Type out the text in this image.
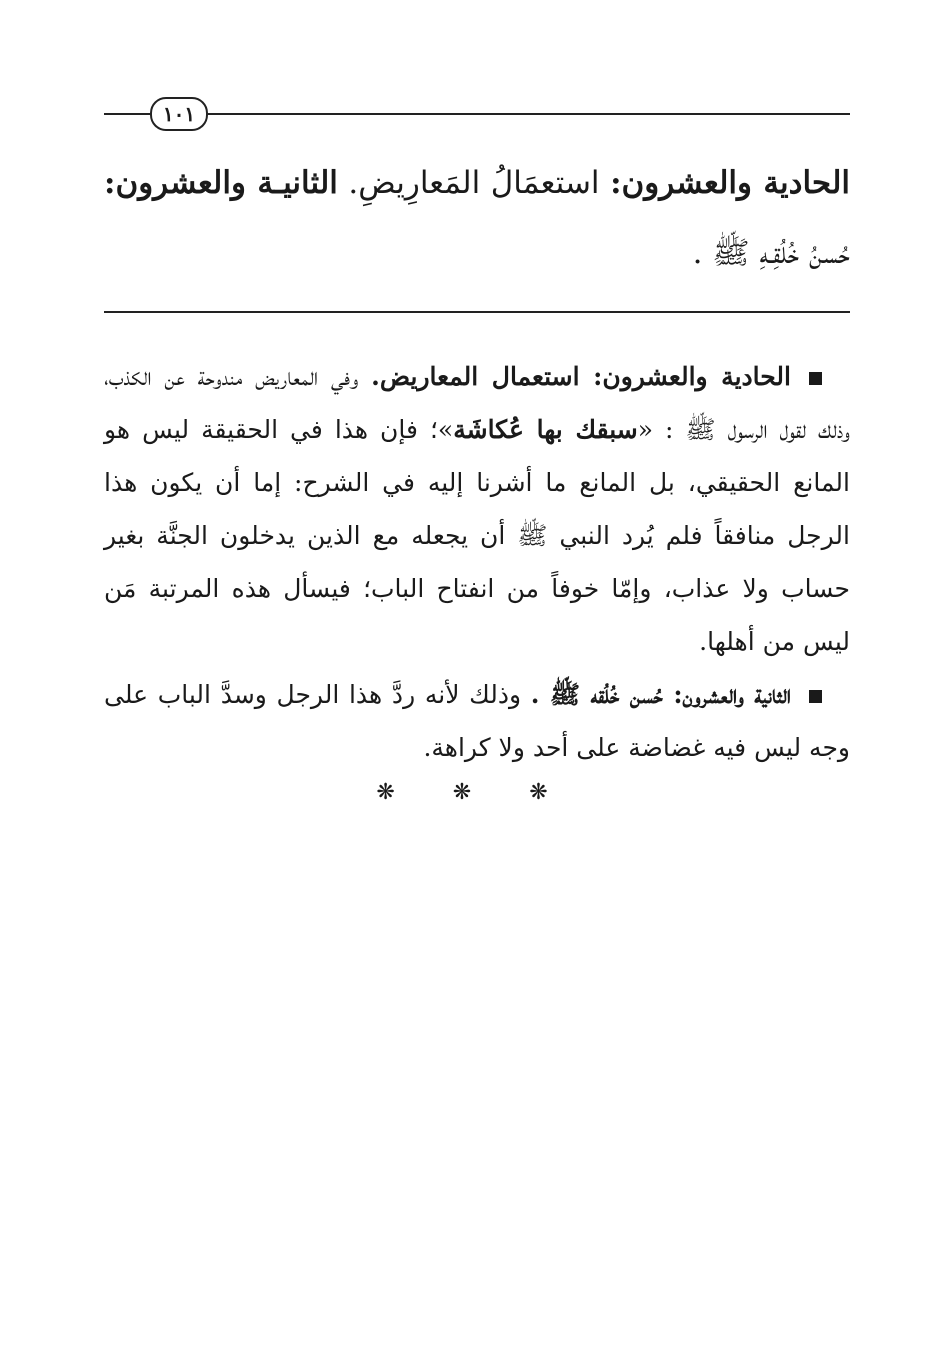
١٠١
الحادية والعشرون: استعمَالُ المَعارِيضِ. الثانيـة والعشرون: حُسنُ خُلُقِـهِ ﷺ .

الحادية والعشرون: استعمال المعاريض. وفي المعاريض مندوحة عن الكذب، وذلك لقول الرسول ﷺ : «سبقك بها عُكاشَة»؛ فإن هذا في الحقيقة ليس هو المانع الحقيقي، بل المانع ما أشرنا إليه في الشرح: إما أن يكون هذا الرجل منافقاً فلم يُرد النبي ﷺ أن يجعله مع الذين يدخلون الجنَّة بغير حساب ولا عذاب، وإمّا خوفاً من انفتاح الباب؛ فيسأل هذه المرتبة مَن ليس من أهلها.

الثانية والعشرون: حُسن خُلُقه ﷺ . وذلك لأنه ردَّ هذا الرجل وسدَّ الباب على وجه ليس فيه غضاضة على أحد ولا كراهة.

❋ ❋ ❋
